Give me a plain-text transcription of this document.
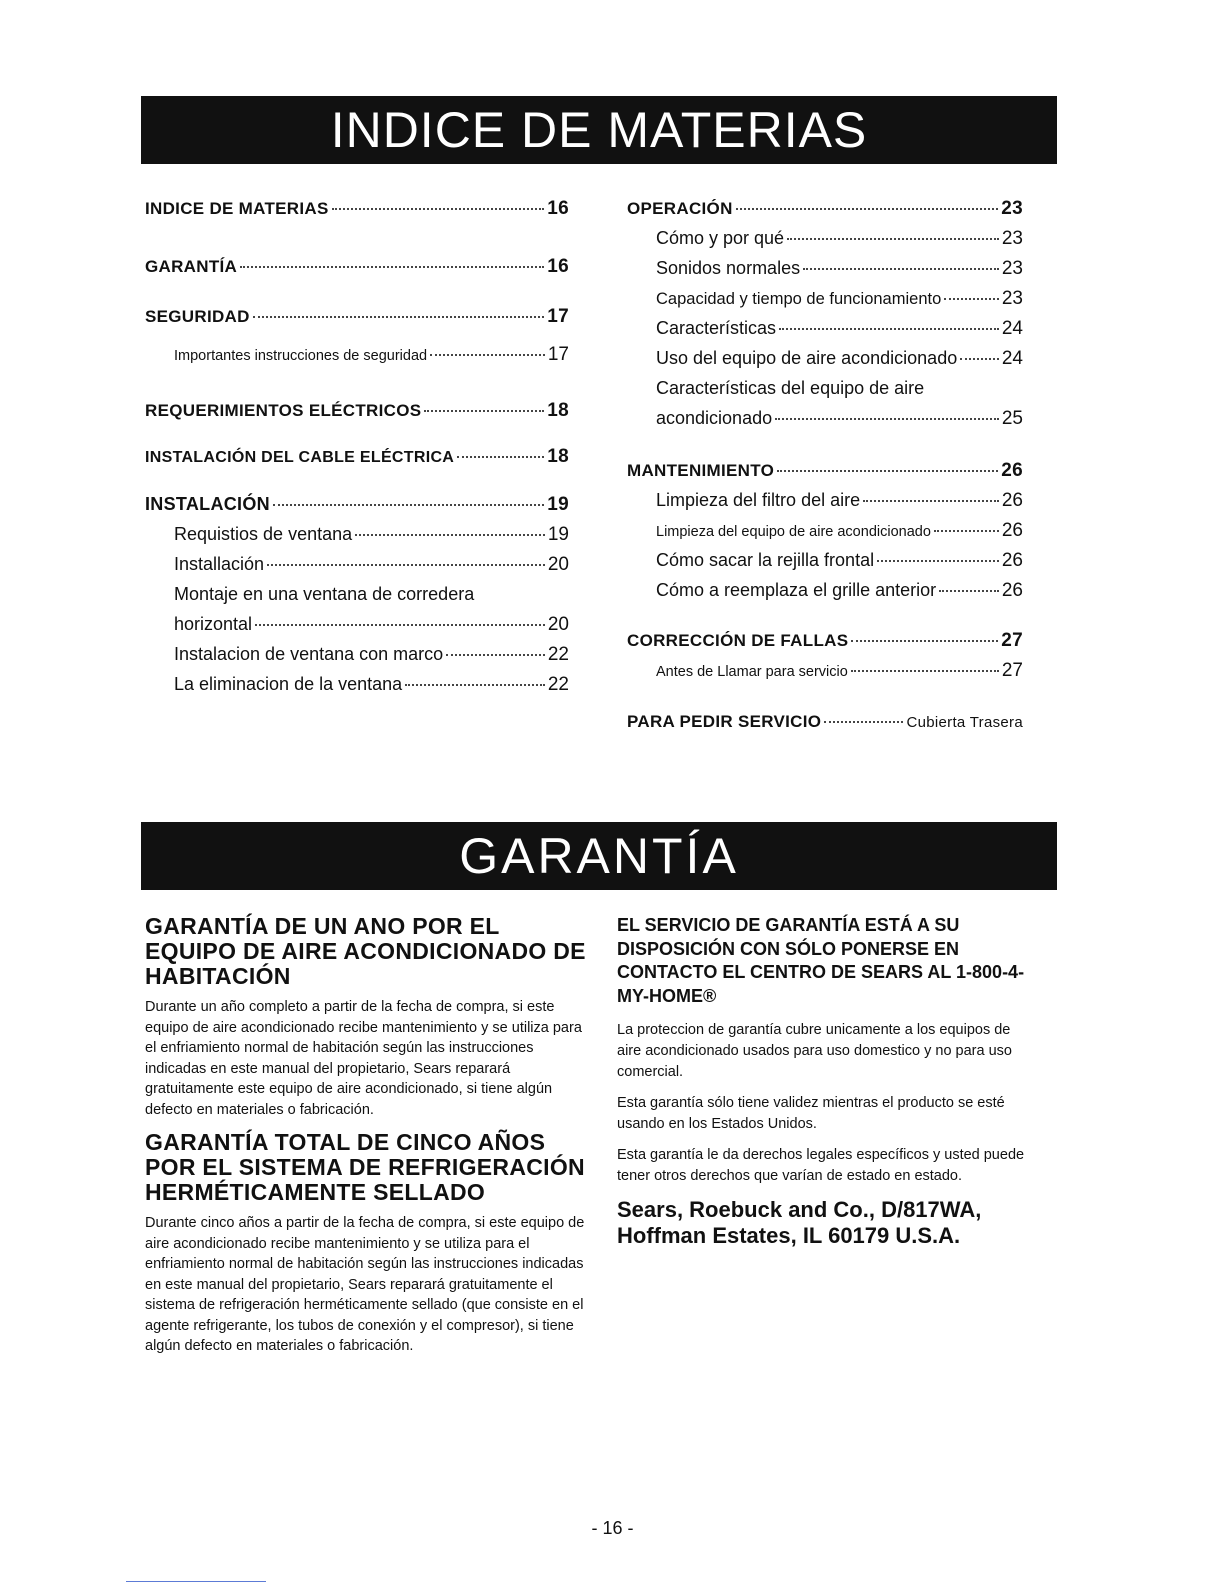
INDICE DE MATERIAS
INDICE DE MATERIAS	16
GARANTÍA	16
SEGURIDAD	17
Importantes instrucciones de seguridad	17
REQUERIMIENTOS ELÉCTRICOS	18
INSTALACIÓN DEL CABLE ELÉCTRICA	18
INSTALACIÓN	19
Requistios de ventana	19
Installación	20
Montaje en una ventana de corredera
horizontal	20
Instalacion de ventana con marco	22
La eliminacion de la ventana	22
OPERACIÓN	23
Cómo y por qué	23
Sonidos normales	23
Capacidad y tiempo de funcionamiento	23
Características	24
Uso del equipo de aire acondicionado 24
Características del equipo de aire
acondicionado	25
MANTENIMIENTO	26
Limpieza del filtro del aire	26
Limpieza del equipo de aire acondicionado	26
Cómo sacar la rejilla frontal	26
Cómo a reemplaza el grille anterior	26
CORRECCIÓN DE FALLAS	27
Antes de Llamar para servicio	27
PARA PEDIR SERVICIO	Cubierta Trasera
GARANTÍA
GARANTÍA DE UN ANO POR EL EQUIPO DE AIRE ACONDICIONADO DE HABITACIÓN
Durante un año completo a partir de la fecha de compra, si este equipo de aire acondicionado recibe mantenimiento y se utiliza para el enfriamiento normal de habitación según las instrucciones indicadas en este manual del propietario, Sears reparará gratuitamente este equipo de aire acondicionado, si tiene algún defecto en materiales o fabricación.
GARANTÍA TOTAL DE CINCO AÑOS POR EL SISTEMA DE REFRIGERACIÓN HERMÉTICAMENTE SELLADO
Durante cinco años a partir de la fecha de compra, si este equipo de aire acondicionado recibe mantenimiento y se utiliza para el enfriamiento normal de habitación según las instrucciones indicadas en este manual del propietario, Sears reparará gratuitamente el sistema de refrigeración herméticamente sellado (que consiste en el agente refrigerante, los tubos de conexión y el compresor), si tiene algún defecto en materiales o fabricación.
EL SERVICIO DE GARANTÍA ESTÁ A SU DISPOSICIÓN CON SÓLO PONERSE EN CONTACTO EL CENTRO DE SEARS AL 1-800-4-MY-HOME®
La proteccion de garantía cubre unicamente a los equipos de aire acondicionado usados para uso domestico y no para uso comercial.
Esta garantía sólo tiene validez mientras el producto se esté usando en los Estados Unidos.
Esta garantía le da derechos legales específicos y usted puede tener otros derechos que varían de estado en estado.
Sears, Roebuck and Co., D/817WA,
Hoffman Estates, IL 60179 U.S.A.
- 16 -
